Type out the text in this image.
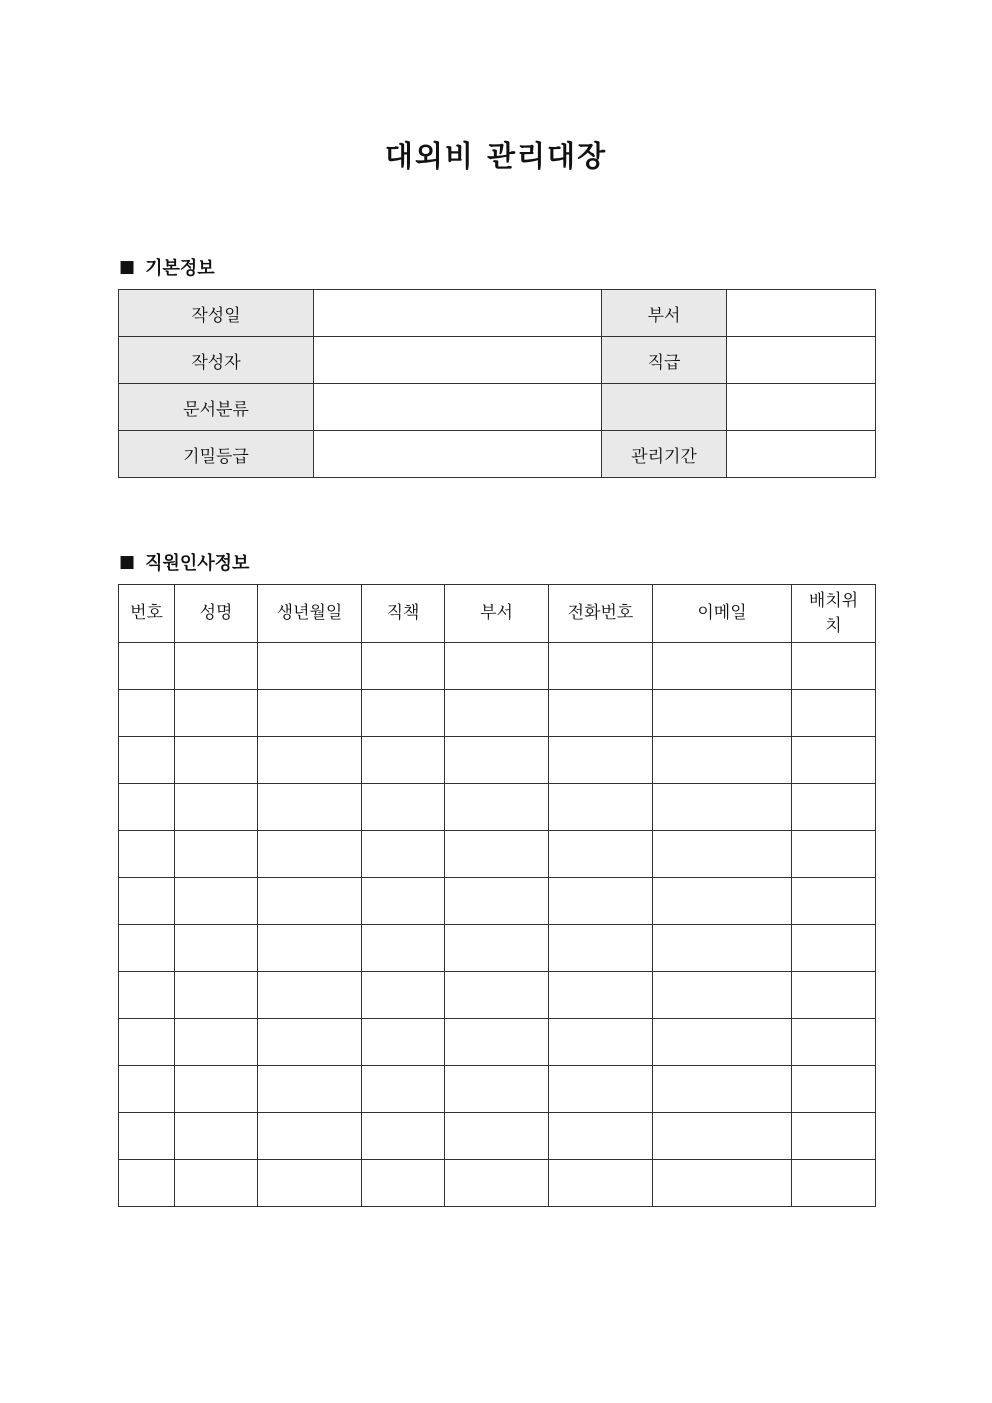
대외비 관리대장
■ 기본정보
작성일		부서	
작성자		직급	
문서분류			
기밀등급		관리기간	
■ 직원인사정보
번호	성명	생년월일	직책	부서	전화번호	이메일	배치위
치
